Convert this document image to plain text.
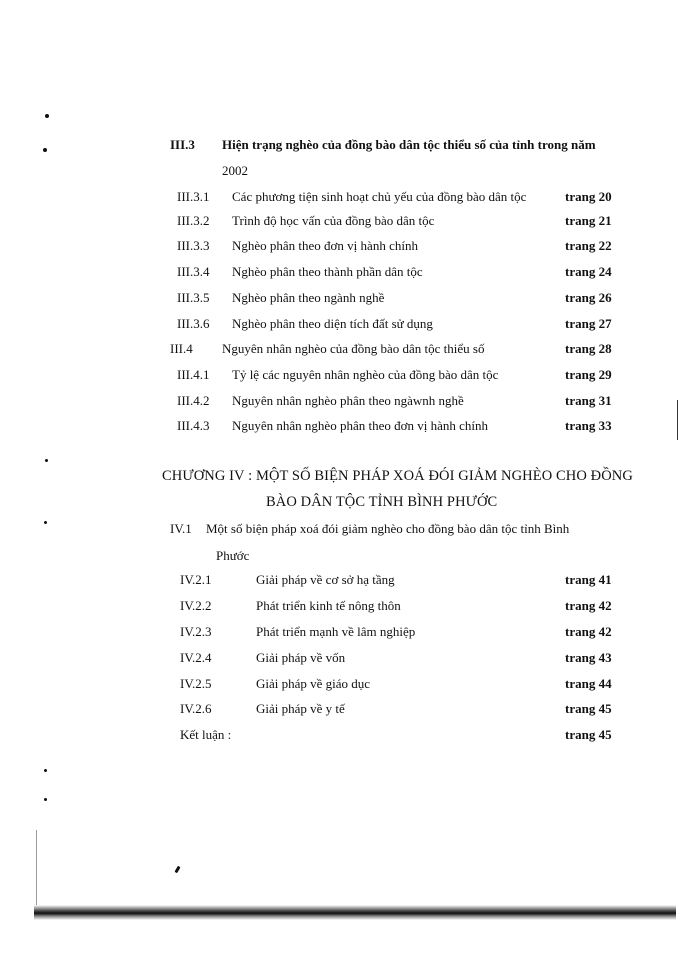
III.3 Hiện trạng nghèo của đồng bào dân tộc thiểu số của tỉnh trong năm
2002
III.3.1 Các phương tiện sinh hoạt chủ yếu của đồng bào dân tộc	trang 20
III.3.2 Trình độ học vấn của đồng bào dân tộc	trang 21
III.3.3 Nghèo phân theo đơn vị hành chính	trang 22
III.3.4 Nghèo phân theo thành phần dân tộc	trang 24
III.3.5 Nghèo phân theo ngành nghề	trang 26
III.3.6 Nghèo phân theo diện tích đất sử dụng	trang 27
III.4 Nguyên nhân nghèo của đồng bào dân tộc thiểu số	trang 28
III.4.1 Tỷ lệ các nguyên nhân nghèo của đồng bào dân tộc	trang 29
III.4.2 Nguyên nhân nghèo phân theo ngàwnh nghề	trang 31
III.4.3 Nguyên nhân nghèo phân theo đơn vị hành chính	trang 33
CHƯƠNG IV : MỘT SỐ BIỆN PHÁP XOÁ ĐÓI GIẢM NGHÈO CHO ĐỒNG
BÀO DÂN TỘC TỈNH BÌNH PHƯỚC
IV.1 Một số biện pháp xoá đói giảm nghèo cho đồng bào dân tộc tỉnh Bình
Phước
IV.2.1	Giải pháp về cơ sở hạ tầng	trang 41
IV.2.2	Phát triển kinh tế nông thôn	trang 42
IV.2.3	Phát triển mạnh về lâm nghiệp	trang 42
IV.2.4	Giải pháp về vốn	trang 43
IV.2.5	Giải pháp về giáo dục	trang 44
IV.2.6	Giải pháp về y tế	trang 45
Kết luận :	trang 45
